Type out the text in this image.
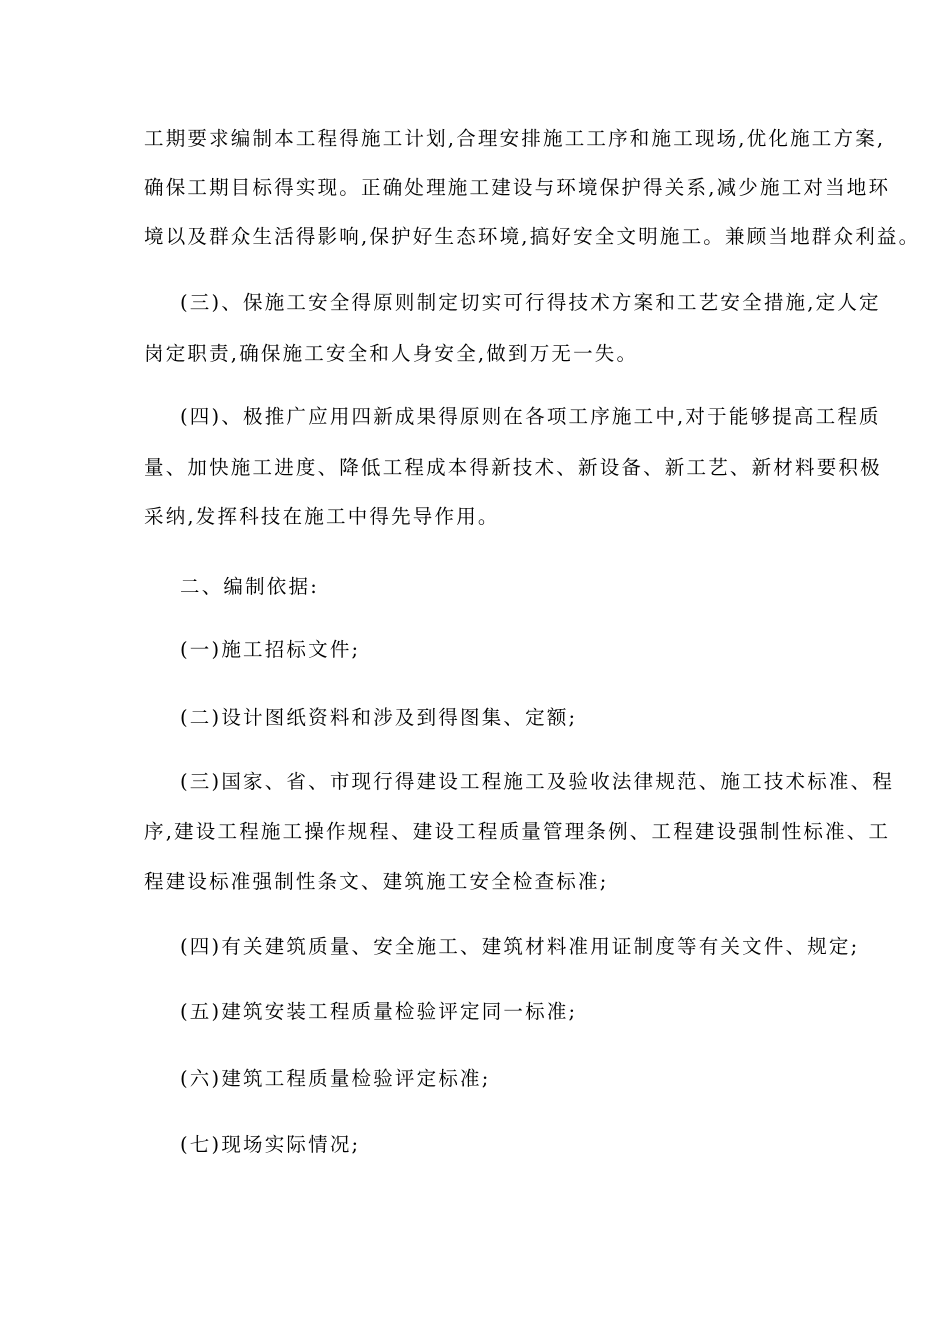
工期要求编制本工程得施工计划,合理安排施工工序和施工现场,优化施工方案,
确保工期目标得实现。正确处理施工建设与环境保护得关系,减少施工对当地环
境以及群众生活得影响,保护好生态环境,搞好安全文明施工。兼顾当地群众利益。
(三)、保施工安全得原则制定切实可行得技术方案和工艺安全措施,定人定
岗定职责,确保施工安全和人身安全,做到万无一失。
(四)、极推广应用四新成果得原则在各项工序施工中,对于能够提高工程质
量、加快施工进度、降低工程成本得新技术、新设备、新工艺、新材料要积极
采纳,发挥科技在施工中得先导作用。
二、编制依据:
(一)施工招标文件;
(二)设计图纸资料和涉及到得图集、定额;
(三)国家、省、市现行得建设工程施工及验收法律规范、施工技术标准、程
序,建设工程施工操作规程、建设工程质量管理条例、工程建设强制性标准、工
程建设标准强制性条文、建筑施工安全检查标准;
(四)有关建筑质量、安全施工、建筑材料准用证制度等有关文件、规定;
(五)建筑安装工程质量检验评定同一标准;
(六)建筑工程质量检验评定标准;
(七)现场实际情况;
